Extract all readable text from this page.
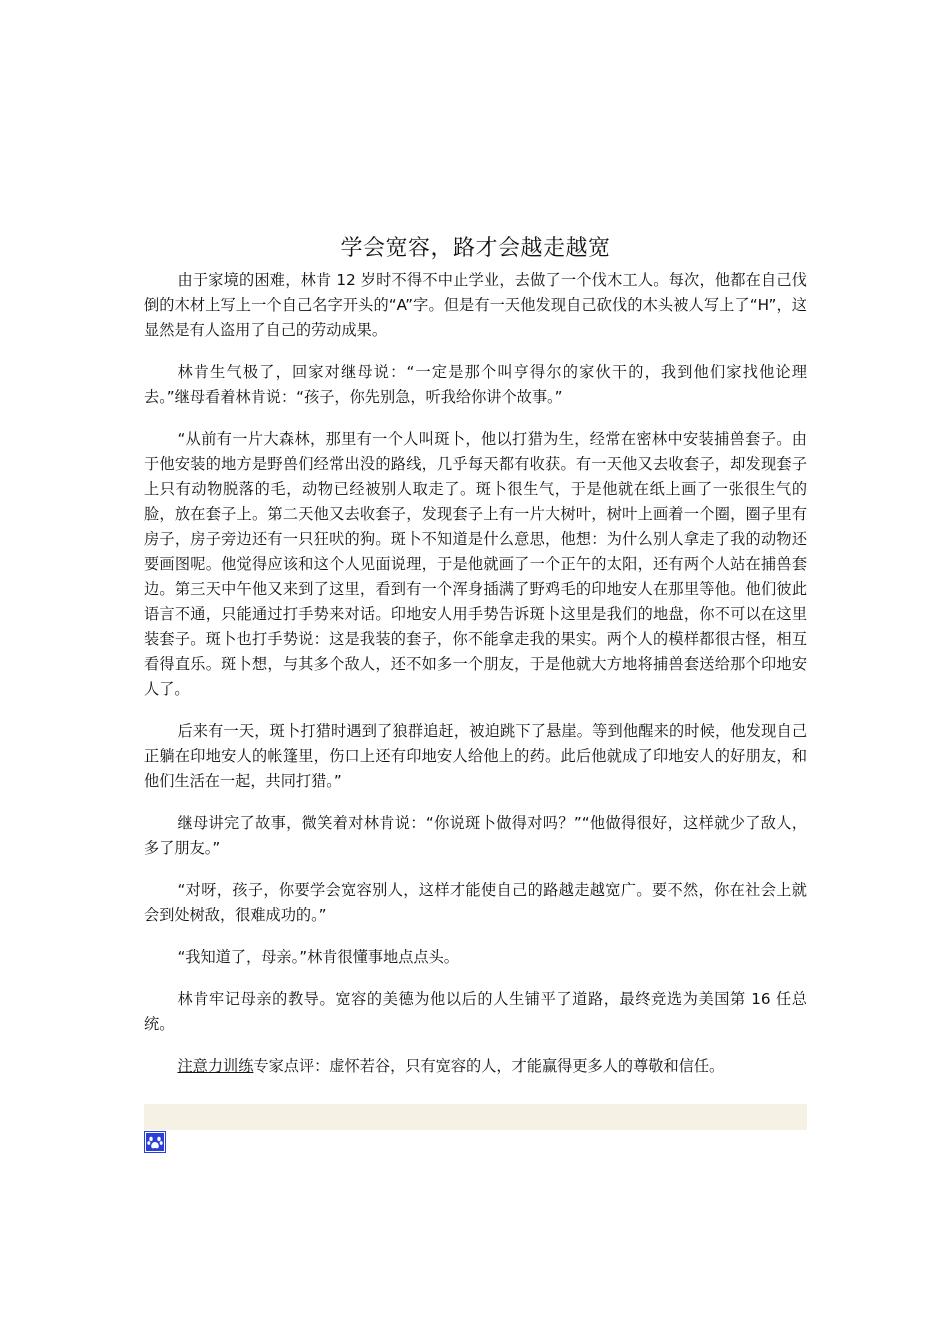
学会宽容，路才会越走越宽

由于家境的困难，林肯 12 岁时不得不中止学业，去做了一个伐木工人。每次，他都在自己伐倒的木材上写上一个自己名字开头的“A”字。但是有一天他发现自己砍伐的木头被人写上了“H”，这显然是有人盗用了自己的劳动成果。

林肯生气极了，回家对继母说：“一定是那个叫亨得尔的家伙干的，我到他们家找他论理去。”继母看着林肯说：“孩子，你先别急，听我给你讲个故事。”

“从前有一片大森林，那里有一个人叫斑卜，他以打猎为生，经常在密林中安装捕兽套子。由于他安装的地方是野兽们经常出没的路线，几乎每天都有收获。有一天他又去收套子，却发现套子上只有动物脱落的毛，动物已经被别人取走了。斑卜很生气，于是他就在纸上画了一张很生气的脸，放在套子上。第二天他又去收套子，发现套子上有一片大树叶，树叶上画着一个圈，圈子里有房子，房子旁边还有一只狂吠的狗。斑卜不知道是什么意思，他想：为什么别人拿走了我的动物还要画图呢。他觉得应该和这个人见面说理，于是他就画了一个正午的太阳，还有两个人站在捕兽套边。第三天中午他又来到了这里，看到有一个浑身插满了野鸡毛的印地安人在那里等他。他们彼此语言不通，只能通过打手势来对话。印地安人用手势告诉斑卜这里是我们的地盘，你不可以在这里装套子。斑卜也打手势说：这是我装的套子，你不能拿走我的果实。两个人的模样都很古怪，相互看得直乐。斑卜想，与其多个敌人，还不如多一个朋友，于是他就大方地将捕兽套送给那个印地安人了。

后来有一天，斑卜打猎时遇到了狼群追赶，被迫跳下了悬崖。等到他醒来的时候，他发现自己正躺在印地安人的帐篷里，伤口上还有印地安人给他上的药。此后他就成了印地安人的好朋友，和他们生活在一起，共同打猎。”

继母讲完了故事，微笑着对林肯说：“你说斑卜做得对吗？”“他做得很好，这样就少了敌人，多了朋友。”

“对呀，孩子，你要学会宽容别人，这样才能使自己的路越走越宽广。要不然，你在社会上就会到处树敌，很难成功的。”

“我知道了，母亲。”林肯很懂事地点点头。

林肯牢记母亲的教导。宽容的美德为他以后的人生铺平了道路，最终竞选为美国第 16 任总统。

注意力训练专家点评：虚怀若谷，只有宽容的人，才能赢得更多人的尊敬和信任。
